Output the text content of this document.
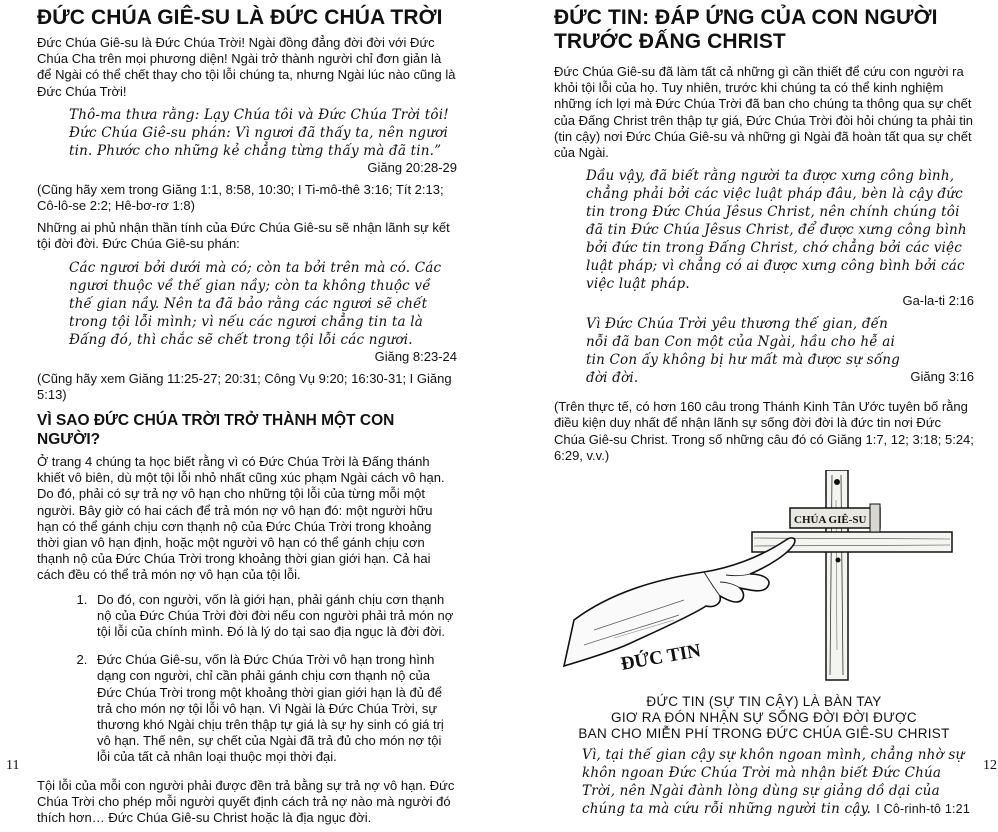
ĐỨC CHÚA GIÊ-SU LÀ ĐỨC CHÚA TRỜI

Đức Chúa Giê-su là Đức Chúa Trời! Ngài đồng đẳng đời đời với Đức Chúa Cha trên mọi phương diện! Ngài trở thành người chỉ đơn giản là để Ngài có thể chết thay cho tội lỗi chúng ta, nhưng Ngài lúc nào cũng là Đức Chúa Trời!

Thô-ma thưa rằng: Lạy Chúa tôi và Đức Chúa Trời tôi! Đức Chúa Giê-su phán: Vì ngươi đã thấy ta, nên ngươi tin. Phước cho những kẻ chẳng từng thấy mà đã tin.”
Giăng 20:28-29

(Cũng hãy xem trong Giăng 1:1, 8:58, 10:30; I Ti-mô-thê 3:16; Tít 2:13; Cô-lô-se 2:2; Hê-bơ-rơ 1:8)

Những ai phủ nhận thần tính của Đức Chúa Giê-su sẽ nhận lãnh sự kết tội đời đời. Đức Chúa Giê-su phán:

Các ngươi bởi dưới mà có; còn ta bởi trên mà có. Các ngươi thuộc về thế gian nầy; còn ta không thuộc về thế gian nầy. Nên ta đã bảo rằng các ngươi sẽ chết trong tội lỗi mình; vì nếu các ngươi chẳng tin ta là Đấng đó, thì chắc sẽ chết trong tội lỗi các ngươi.
Giăng 8:23-24

(Cũng hãy xem Giăng 11:25-27; 20:31; Công Vụ 9:20; 16:30-31; I Giăng 5:13)

VÌ SAO ĐỨC CHÚA TRỜI TRỞ THÀNH MỘT CON NGƯỜI?

Ở trang 4 chúng ta học biết rằng vì có Đức Chúa Trời là Đấng thánh khiết vô biên, dù một tội lỗi nhỏ nhất cũng xúc phạm Ngài cách vô hạn. Do đó, phải có sự trả nợ vô hạn cho những tội lỗi của từng mỗi một người. Bây giờ có hai cách để trả món nợ vô hạn đó: một người hữu hạn có thể gánh chịu cơn thạnh nộ của Đức Chúa Trời trong khoảng thời gian vô hạn định, hoặc một người vô hạn có thể gánh chịu cơn thạnh nộ của Đức Chúa Trời trong khoảng thời gian giới hạn. Cả hai cách đều có thể trả món nợ vô hạn của tội lỗi.

1. Do đó, con người, vốn là giới hạn, phải gánh chịu cơn thạnh nộ của Đức Chúa Trời đời đời nếu con người phải trả món nợ tội lỗi của chính mình. Đó là lý do tại sao địa ngục là đời đời.
2. Đức Chúa Giê-su, vốn là Đức Chúa Trời vô hạn trong hình dạng con người, chỉ cần phải gánh chịu cơn thạnh nộ của Đức Chúa Trời trong một khoảng thời gian giới hạn là đủ để trả cho món nợ tội lỗi vô hạn. Vì Ngài là Đức Chúa Trời, sự thương khó Ngài chịu trên thập tự giá là sự hy sinh có giá trị vô hạn. Thế nên, sự chết của Ngài đã trả đủ cho món nợ tội lỗi của tất cả nhân loại thuộc mọi thời đại.

Tội lỗi của mỗi con người phải được đền trả bằng sự trả nợ vô hạn. Đức Chúa Trời cho phép mỗi người quyết định cách trả nợ nào mà người đó thích hơn… Đức Chúa Giê-su Christ hoặc là địa ngục đời.

11
ĐỨC TIN: ĐÁP ỨNG CỦA CON NGƯỜI TRƯỚC ĐẤNG CHRIST

Đức Chúa Giê-su đã làm tất cả những gì cần thiết để cứu con người ra khỏi tội lỗi của họ. Tuy nhiên, trước khi chúng ta có thể kinh nghiệm những ích lợi mà Đức Chúa Trời đã ban cho chúng ta thông qua sự chết của Đấng Christ trên thập tự giá, Đức Chúa Trời đòi hỏi chúng ta phải tin (tin cậy) nơi Đức Chúa Giê-su và những gì Ngài đã hoàn tất qua sự chết của Ngài.

Dầu vậy, đã biết rằng người ta được xưng công bình, chẳng phải bởi các việc luật pháp đâu, bèn là cậy đức tin trong Đức Chúa Jêsus Christ, nên chính chúng tôi đã tin Đức Chúa Jêsus Christ, để được xưng công bình bởi đức tin trong Đấng Christ, chớ chẳng bởi các việc luật pháp; vì chẳng có ai được xưng công bình bởi các việc luật pháp.
Ga-la-ti 2:16
Vì Đức Chúa Trời yêu thương thế gian, đến nỗi đã ban Con một của Ngài, hầu cho hễ ai tin Con ấy không bị hư mất mà được sự sống đời đời.	Giăng 3:16

(Trên thực tế, có hơn 160 câu trong Thánh Kinh Tân Ước tuyên bố rằng điều kiện duy nhất để nhận lãnh sự sống đời đời là đức tin nơi Đức Chúa Giê-su Christ. Trong số những câu đó có Giăng 1:7, 12; 3:18; 5:24; 6:29, v.v.)

CHÚA GIÊ-SU
ĐỨC TIN
ĐỨC TIN (SỰ TIN CẬY) LÀ BÀN TAY
GIƠ RA ĐÓN NHẬN SỰ SỐNG ĐỜI ĐỜI ĐƯỢC
BAN CHO MIỄN PHÍ TRONG ĐỨC CHÚA GIÊ-SU CHRIST
Vì, tại thế gian cậy sự khôn ngoan mình, chẳng nhờ sự khôn ngoan Đức Chúa Trời mà nhận biết Đức Chúa Trời, nên Ngài đành lòng dùng sự giảng dồ dại của chúng ta mà cứu rỗi những người tin cậy. I Cô-rinh-tô 1:21
12
